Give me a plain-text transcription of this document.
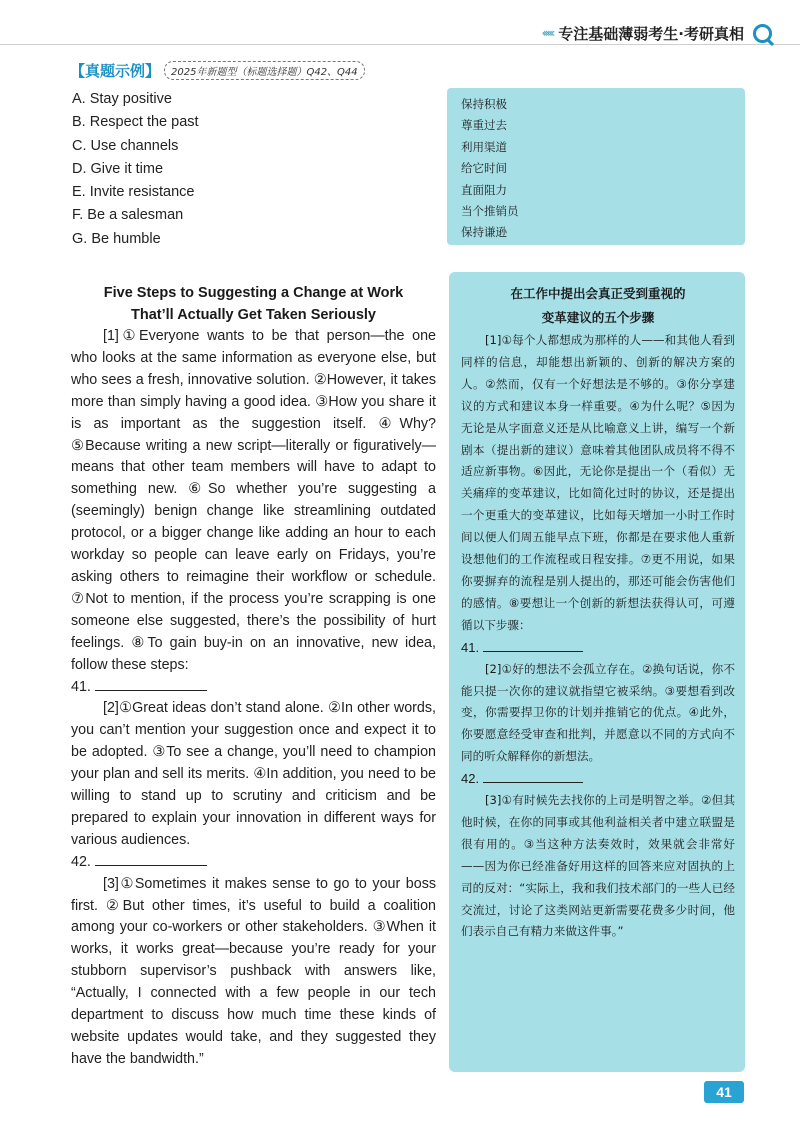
‹‹‹‹‹‹ 专注基础薄弱考生·考研真相
【真题示例】	2025年新题型（标题选择题）Q42、Q44
A. Stay positive
B. Respect the past
C. Use channels
D. Give it time
E. Invite resistance
F. Be a salesman
G. Be humble
保持积极
尊重过去
利用渠道
给它时间
直面阻力
当个推销员
保持谦逊
Five Steps to Suggesting a Change at Work
That’ll Actually Get Taken Seriously

[1]①Everyone wants to be that person—the one who looks at the same information as everyone else, but who sees a fresh, innovative solution. ②However, it takes more than simply having a good idea. ③How you share it is as important as the suggestion itself. ④Why? ⑤Because writing a new script—literally or figuratively—means that other team members will have to adapt to something new. ⑥So whether you’re suggesting a (seemingly) benign change like streamlining outdated protocol, or a bigger change like adding an hour to each workday so people can leave early on Fridays, you’re asking others to reimagine their workflow or schedule. ⑦Not to mention, if the process you’re scrapping is one someone else suggested, there’s the possibility of hurt feelings. ⑧To gain buy-in on an innovative, new idea, follow these steps:

41.

[2]①Great ideas don’t stand alone. ②In other words, you can’t mention your suggestion once and expect it to be adopted. ③To see a change, you’ll need to champion your plan and sell its merits. ④In addition, you need to be willing to stand up to scrutiny and criticism and be prepared to explain your innovation in different ways for various audiences.

42.

[3]①Sometimes it makes sense to go to your boss first. ②But other times, it’s useful to build a coalition among your co-workers or other stakeholders. ③When it works, it works great—because you’re ready for your stubborn supervisor’s pushback with answers like, “Actually, I connected with a few people in our tech department to discuss how much time these kinds of website updates would take, and they suggested they have the bandwidth.”

在工作中提出会真正受到重视的
变革建议的五个步骤

[1]①每个人都想成为那样的人——和其他人看到同样的信息，却能想出新颖的、创新的解决方案的人。②然而，仅有一个好想法是不够的。③你分享建议的方式和建议本身一样重要。④为什么呢？⑤因为无论是从字面意义还是从比喻意义上讲，编写一个新剧本（提出新的建议）意味着其他团队成员将不得不适应新事物。⑥因此，无论你是提出一个（看似）无关痛痒的变革建议，比如简化过时的协议，还是提出一个更重大的变革建议，比如每天增加一小时工作时间以便人们周五能早点下班，你都是在要求他人重新设想他们的工作流程或日程安排。⑦更不用说，如果你要摒弃的流程是别人提出的，那还可能会伤害他们的感情。⑧要想让一个创新的新想法获得认可，可遵循以下步骤：

41.

[2]①好的想法不会孤立存在。②换句话说，你不能只提一次你的建议就指望它被采纳。③要想看到改变，你需要捍卫你的计划并推销它的优点。④此外，你要愿意经受审查和批判，并愿意以不同的方式向不同的听众解释你的新想法。

42.

[3]①有时候先去找你的上司是明智之举。②但其他时候，在你的同事或其他利益相关者中建立联盟是很有用的。③当这种方法奏效时，效果就会非常好——因为你已经准备好用这样的回答来应对固执的上司的反对：“实际上，我和我们技术部门的一些人已经交流过，讨论了这类网站更新需要花费多少时间，他们表示自己有精力来做这件事。”

41
